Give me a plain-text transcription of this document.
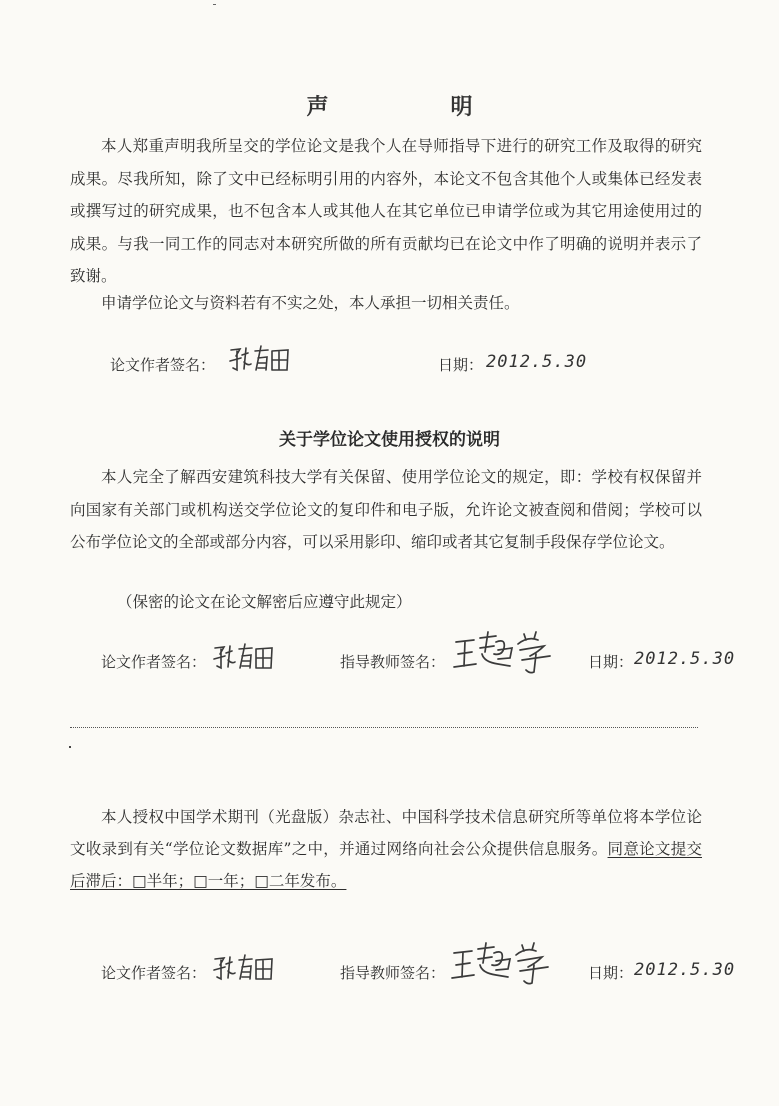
声　明
本人郑重声明我所呈交的学位论文是我个人在导师指导下进行的研究工作及取得的研究成果。尽我所知，除了文中已经标明引用的内容外，本论文不包含其他个人或集体已经发表或撰写过的研究成果，也不包含本人或其他人在其它单位已申请学位或为其它用途使用过的成果。与我一同工作的同志对本研究所做的所有贡献均已在论文中作了明确的说明并表示了致谢。
申请学位论文与资料若有不实之处，本人承担一切相关责任。
论文作者签名：	日期： 2012.5.30
关于学位论文使用授权的说明
本人完全了解西安建筑科技大学有关保留、使用学位论文的规定，即：学校有权保留并向国家有关部门或机构送交学位论文的复印件和电子版，允许论文被查阅和借阅；学校可以公布学位论文的全部或部分内容，可以采用影印、缩印或者其它复制手段保存学位论文。
（保密的论文在论文解密后应遵守此规定）
论文作者签名：	指导教师签名：	日期： 2012.5.30
本人授权中国学术期刊（光盘版）杂志社、中国科学技术信息研究所等单位将本学位论文收录到有关“学位论文数据库”之中，并通过网络向社会公众提供信息服务。同意论文提交后滞后：□半年；□一年；□二年发布。
论文作者签名：	指导教师签名：	日期： 2012.5.30
